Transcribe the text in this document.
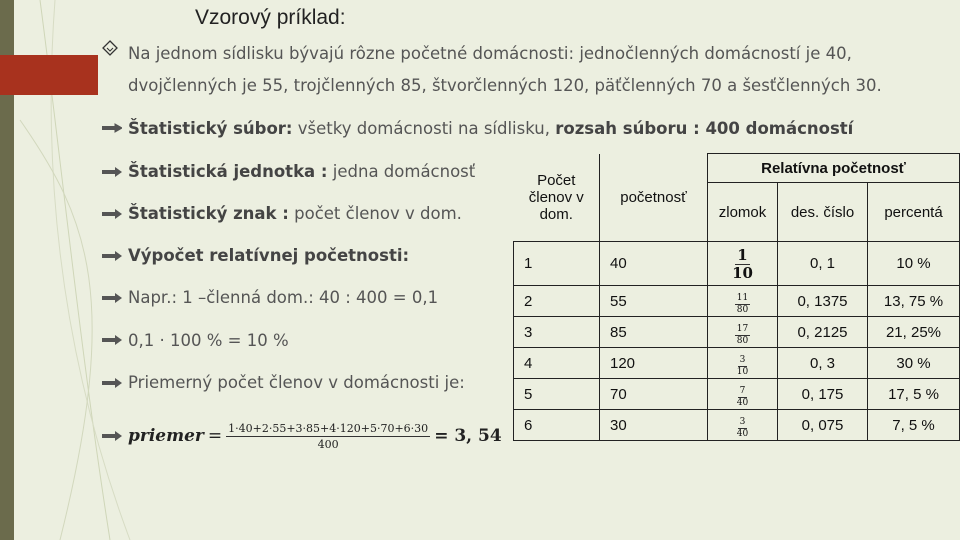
Vzorový príklad:
Na jednom sídlisku bývajú rôzne početné domácnosti: jednočlenných domácností je 40,
dvojčlenných je 55, trojčlenných 85, štvorčlenných 120, päťčlenných 70 a šesťčlenných 30.
Štatistický súbor: všetky domácnosti na sídlisku, rozsah súboru : 400 domácností
Štatistická jednotka : jedna domácnosť
Štatistický znak : počet členov v dom.
Výpočet relatívnej početnosti:
Napr.: 1 –členná dom.: 40 : 400 = 0,1
0,1 · 100 % = 10 %
Priemerný počet členov v domácnosti je:
priemer = $\frac{1\cdot 40+2\cdot 55+3\cdot 85+4\cdot 120+5\cdot 70+6\cdot 30}{400} = 3$, 54
Počet členov v dom.	početnosť	Relatívna početnosť		
		zlomok	des. číslo	percentá
1	40	$\frac{1}{10}$	0, 1	10 %
2	55	$\frac{11}{80}$	0, 1375	13, 75 %
3	85	$\frac{17}{80}$	0, 2125	21, 25%
4	120	$\frac{3}{10}$	0, 3	30 %
5	70	$\frac{7}{40}$	0, 175	17, 5 %
6	30	$\frac{3}{40}$	0, 075	7, 5 %
